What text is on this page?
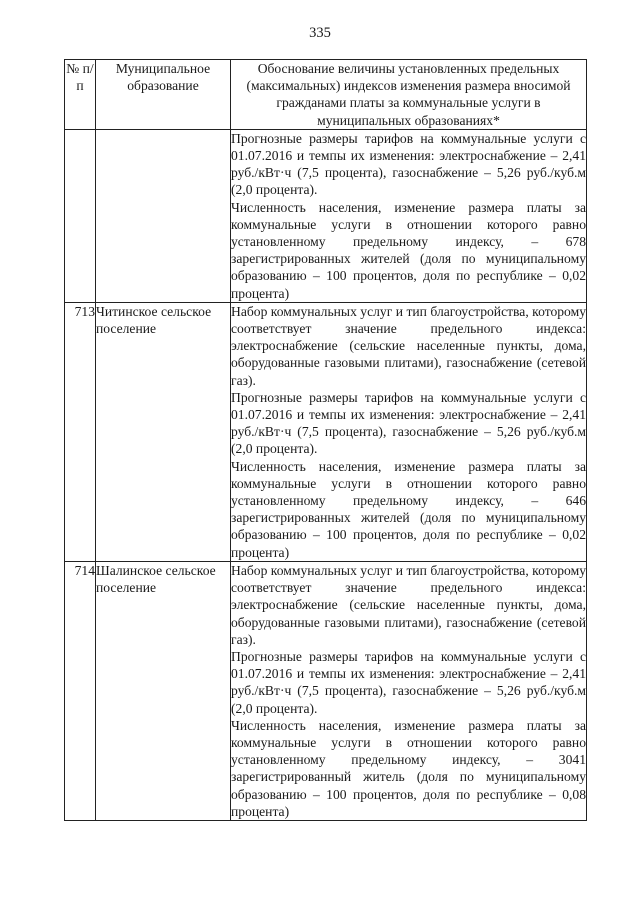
335
№ п/п	Муниципальное образование	Обоснование величины установленных предельных (максимальных) индексов изменения размера вносимой гражданами платы за коммунальные услуги в муниципальных образованиях*

		Прогнозные размеры тарифов на коммунальные услуги с 01.07.2016 и темпы их изменения: электроснабжение – 2,41 руб./кВт·ч (7,5 процента), газоснабжение – 5,26 руб./куб.м (2,0 процента).

Численность населения, изменение размера платы за коммунальные услуги в отношении которого равно установленному предельному индексу, – 678 зарегистрированных жителей (доля по муниципальному образованию – 100 процентов, доля по республике – 0,02 процента)

713	Читинское сельское поселение	Набор коммунальных услуг и тип благоустройства, которому соответствует значение предельного индекса: электроснабжение (сельские населенные пункты, дома, оборудованные газовыми плитами), газоснабжение (сетевой газ).

Прогнозные размеры тарифов на коммунальные услуги с 01.07.2016 и темпы их изменения: электроснабжение – 2,41 руб./кВт·ч (7,5 процента), газоснабжение – 5,26 руб./куб.м (2,0 процента).

Численность населения, изменение размера платы за коммунальные услуги в отношении которого равно установленному предельному индексу, – 646 зарегистрированных жителей (доля по муниципальному образованию – 100 процентов, доля по республике – 0,02 процента)

714	Шалинское сельское поселение	Набор коммунальных услуг и тип благоустройства, которому соответствует значение предельного индекса: электроснабжение (сельские населенные пункты, дома, оборудованные газовыми плитами), газоснабжение (сетевой газ).

Прогнозные размеры тарифов на коммунальные услуги с 01.07.2016 и темпы их изменения: электроснабжение – 2,41 руб./кВт·ч (7,5 процента), газоснабжение – 5,26 руб./куб.м (2,0 процента).

Численность населения, изменение размера платы за коммунальные услуги в отношении которого равно установленному предельному индексу, – 3041 зарегистрированный житель (доля по муниципальному образованию – 100 процентов, доля по республике – 0,08 процента)
